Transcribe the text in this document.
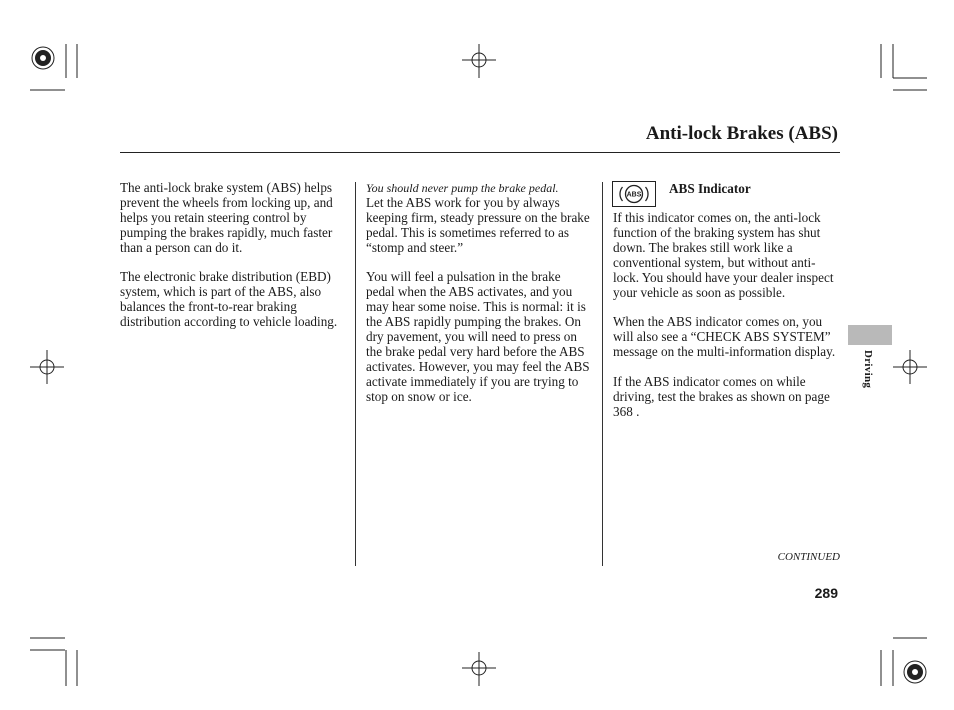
Anti-lock Brakes (ABS)

The anti-lock brake system (ABS) helps prevent the wheels from locking up, and helps you retain steering control by pumping the brakes rapidly, much faster than a person can do it.

The electronic brake distribution (EBD) system, which is part of the ABS, also balances the front-to-rear braking distribution according to vehicle loading.

You should never pump the brake pedal.

Let the ABS work for you by always keeping firm, steady pressure on the brake pedal. This is sometimes referred to as “stomp and steer.”

You will feel a pulsation in the brake pedal when the ABS activates, and you may hear some noise. This is normal: it is the ABS rapidly pumping the brakes. On dry pavement, you will need to press on the brake pedal very hard before the ABS activates. However, you may feel the ABS activate immediately if you are trying to stop on snow or ice.

ABS ABS Indicator

If this indicator comes on, the anti-lock function of the braking system has shut down. The brakes still work like a conventional system, but without anti-lock. You should have your dealer inspect your vehicle as soon as possible.

When the ABS indicator comes on, you will also see a “CHECK ABS SYSTEM” message on the multi-information display.

If the ABS indicator comes on while driving, test the brakes as shown on page 368 .

Driving
CONTINUED
289
